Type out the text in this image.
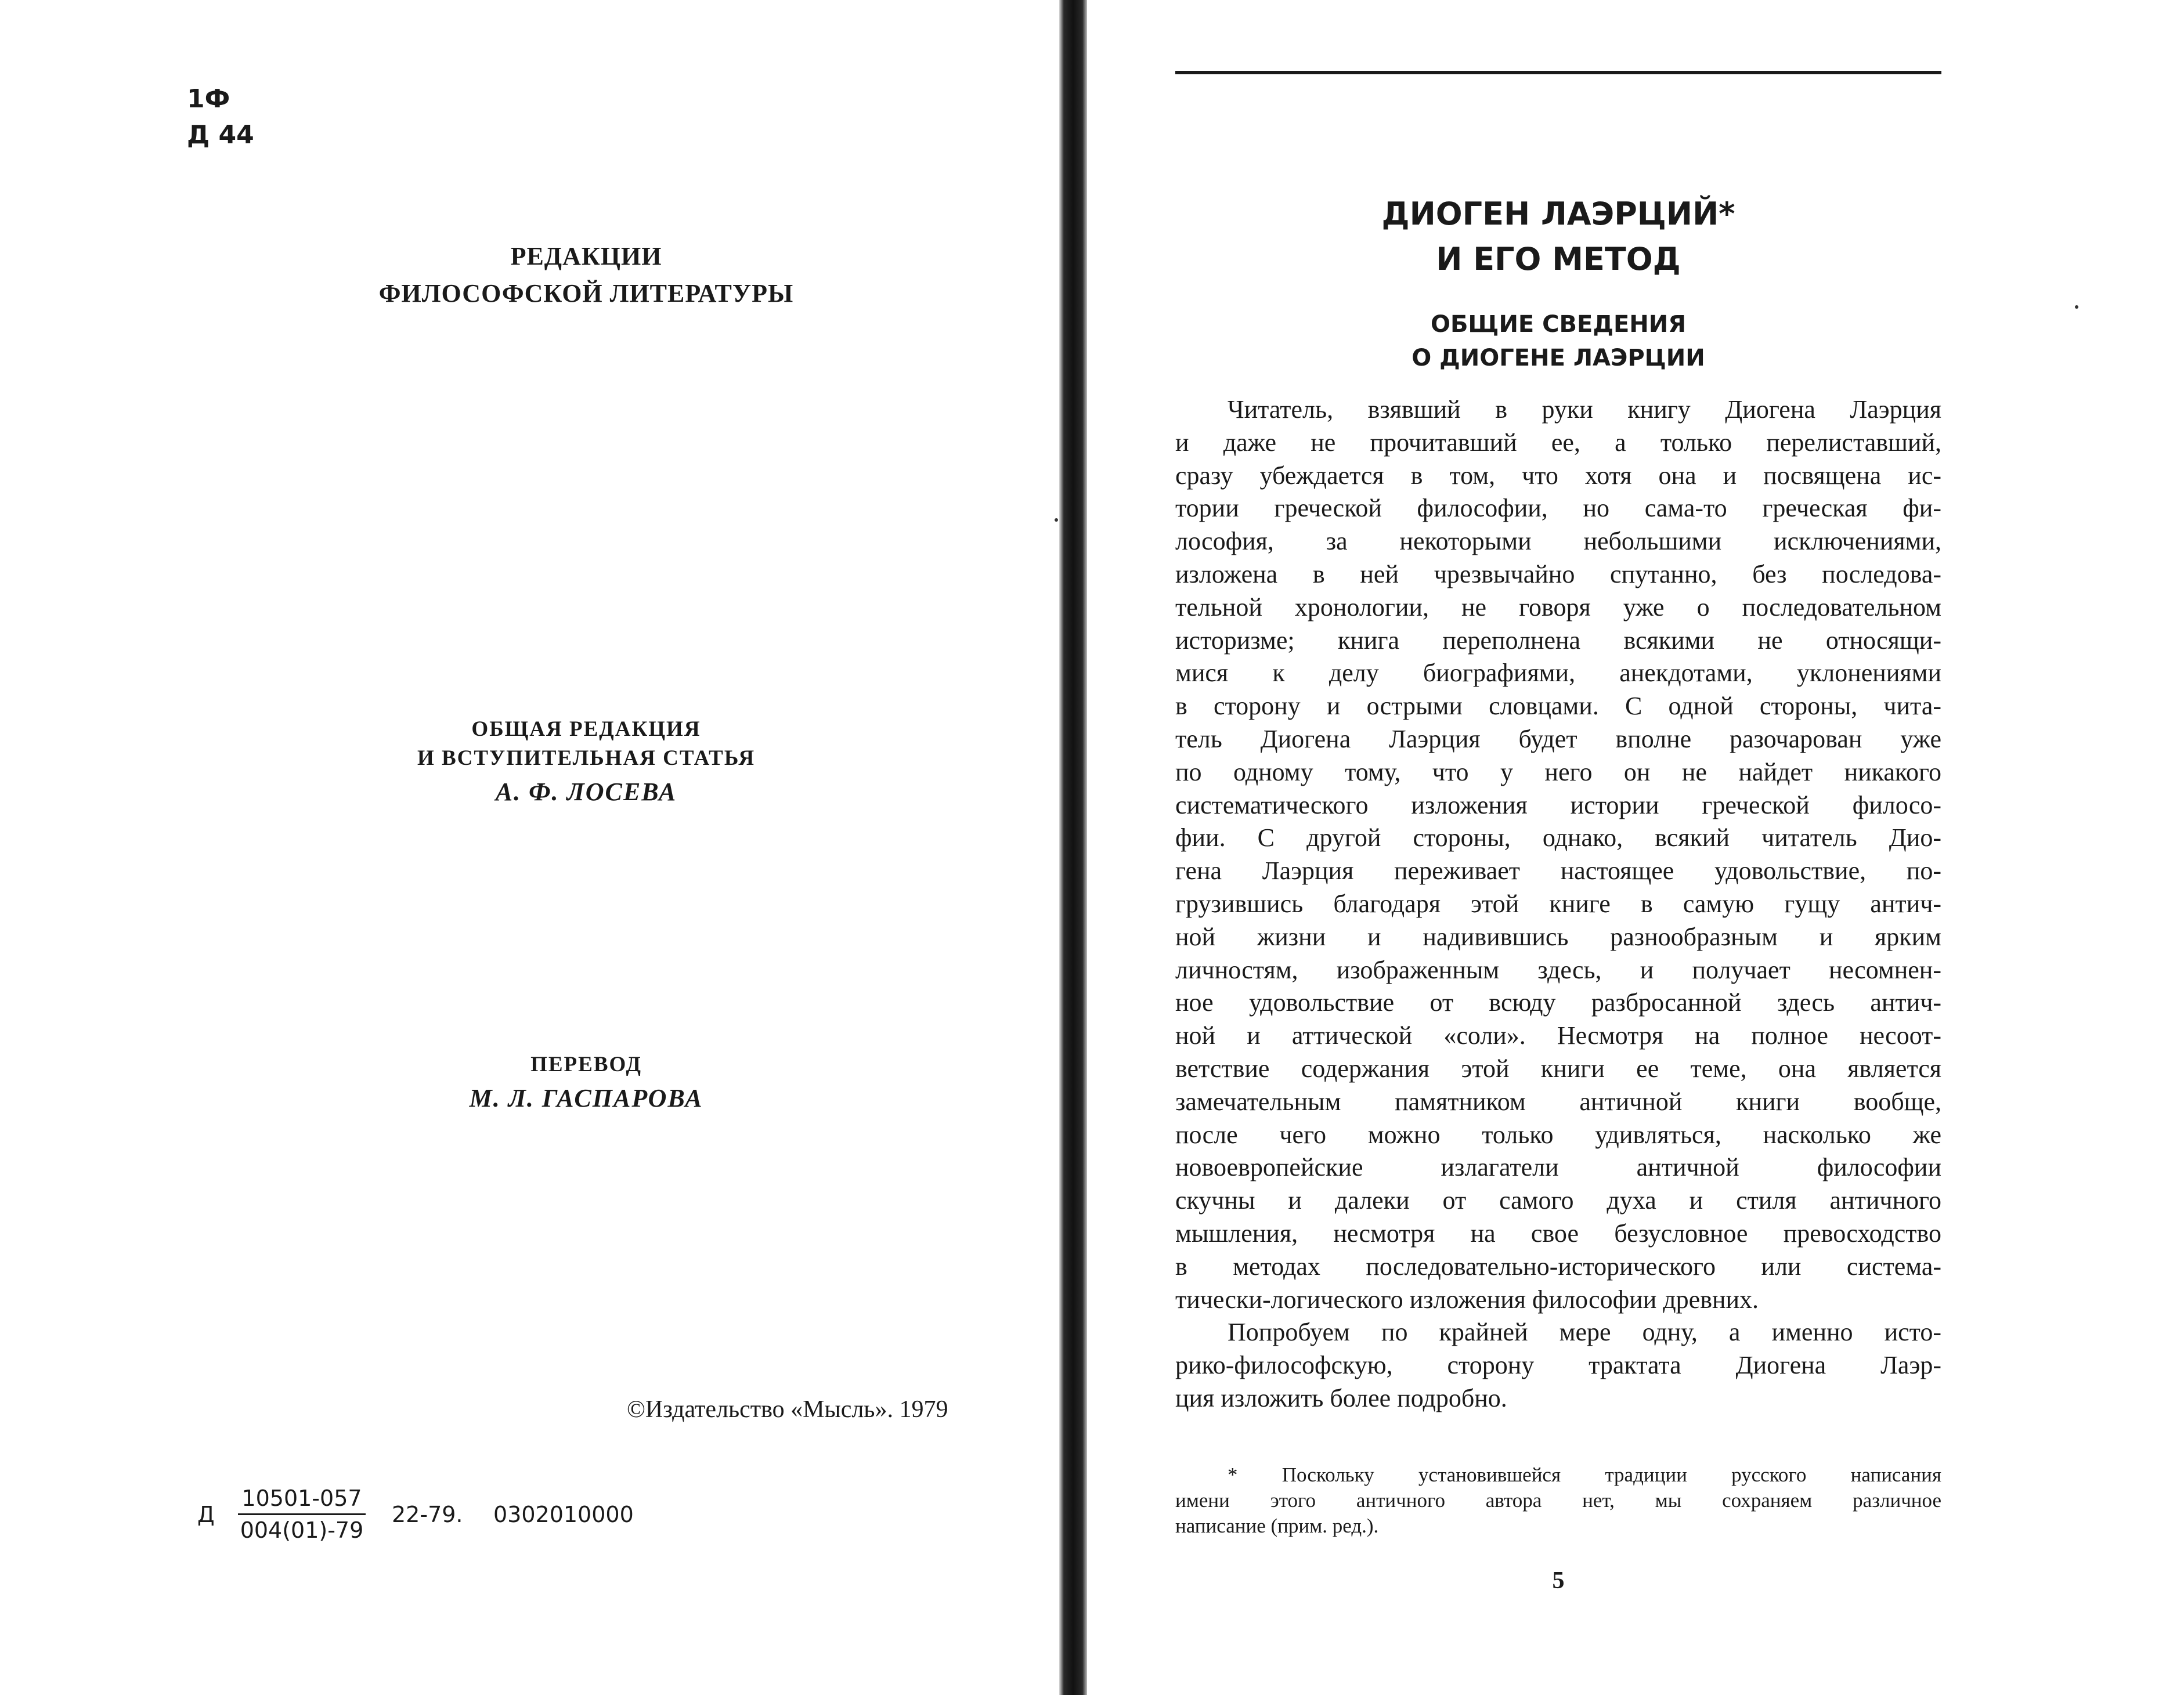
1Ф
Д 44
РЕДАКЦИИ
ФИЛОСОФСКОЙ ЛИТЕРАТУРЫ
ОБЩАЯ РЕДАКЦИЯ
И ВСТУПИТЕЛЬНАЯ СТАТЬЯ
А. Ф. ЛОСЕВА
ПЕРЕВОД
М. Л. ГАСПАРОВА
©Издательство «Мысль». 1979
Д $\frac{10501-057}{004(01)-79} 22-79$. 0302010000
ДИОГЕН ЛАЭРЦИЙ*
И ЕГО МЕТОД
ОБЩИЕ СВЕДЕНИЯ
О ДИОГЕНЕ ЛАЭРЦИИ
Читатель, взявший в руки книгу Диогена Лаэрция
и даже не прочитавший ее, а только перелиставший,
сразу убеждается в том, что хотя она и посвящена ис-
тории греческой философии, но сама-то греческая фи-
лософия, за некоторыми небольшими исключениями,
изложена в ней чрезвычайно спутанно, без последова-
тельной хронологии, не говоря уже о последовательном
историзме; книга переполнена всякими не относящи-
мися к делу биографиями, анекдотами, уклонениями
в сторону и острыми словцами. С одной стороны, чита-
тель Диогена Лаэрция будет вполне разочарован уже
по одному тому, что у него он не найдет никакого
систематического изложения истории греческой филосо-
фии. С другой стороны, однако, всякий читатель Дио-
гена Лаэрция переживает настоящее удовольствие, по-
грузившись благодаря этой книге в самую гущу антич-
ной жизни и надивившись разнообразным и ярким
личностям, изображенным здесь, и получает несомнен-
ное удовольствие от всюду разбросанной здесь антич-
ной и аттической «соли». Несмотря на полное несоот-
ветствие содержания этой книги ее теме, она является
замечательным памятником античной книги вообще,
после чего можно только удивляться, насколько же
новоевропейские излагатели античной философии
скучны и далеки от самого духа и стиля античного
мышления, несмотря на свое безусловное превосходство
в методах последовательно-исторического или система-
тически-логического изложения философии древних.
Попробуем по крайней мере одну, а именно исто-
рико-философскую, сторону трактата Диогена Лаэр-
ция изложить более подробно.
* Поскольку установившейся традиции русского написания
имени этого античного автора нет, мы сохраняем различное
написание (прим. ред.).
5
